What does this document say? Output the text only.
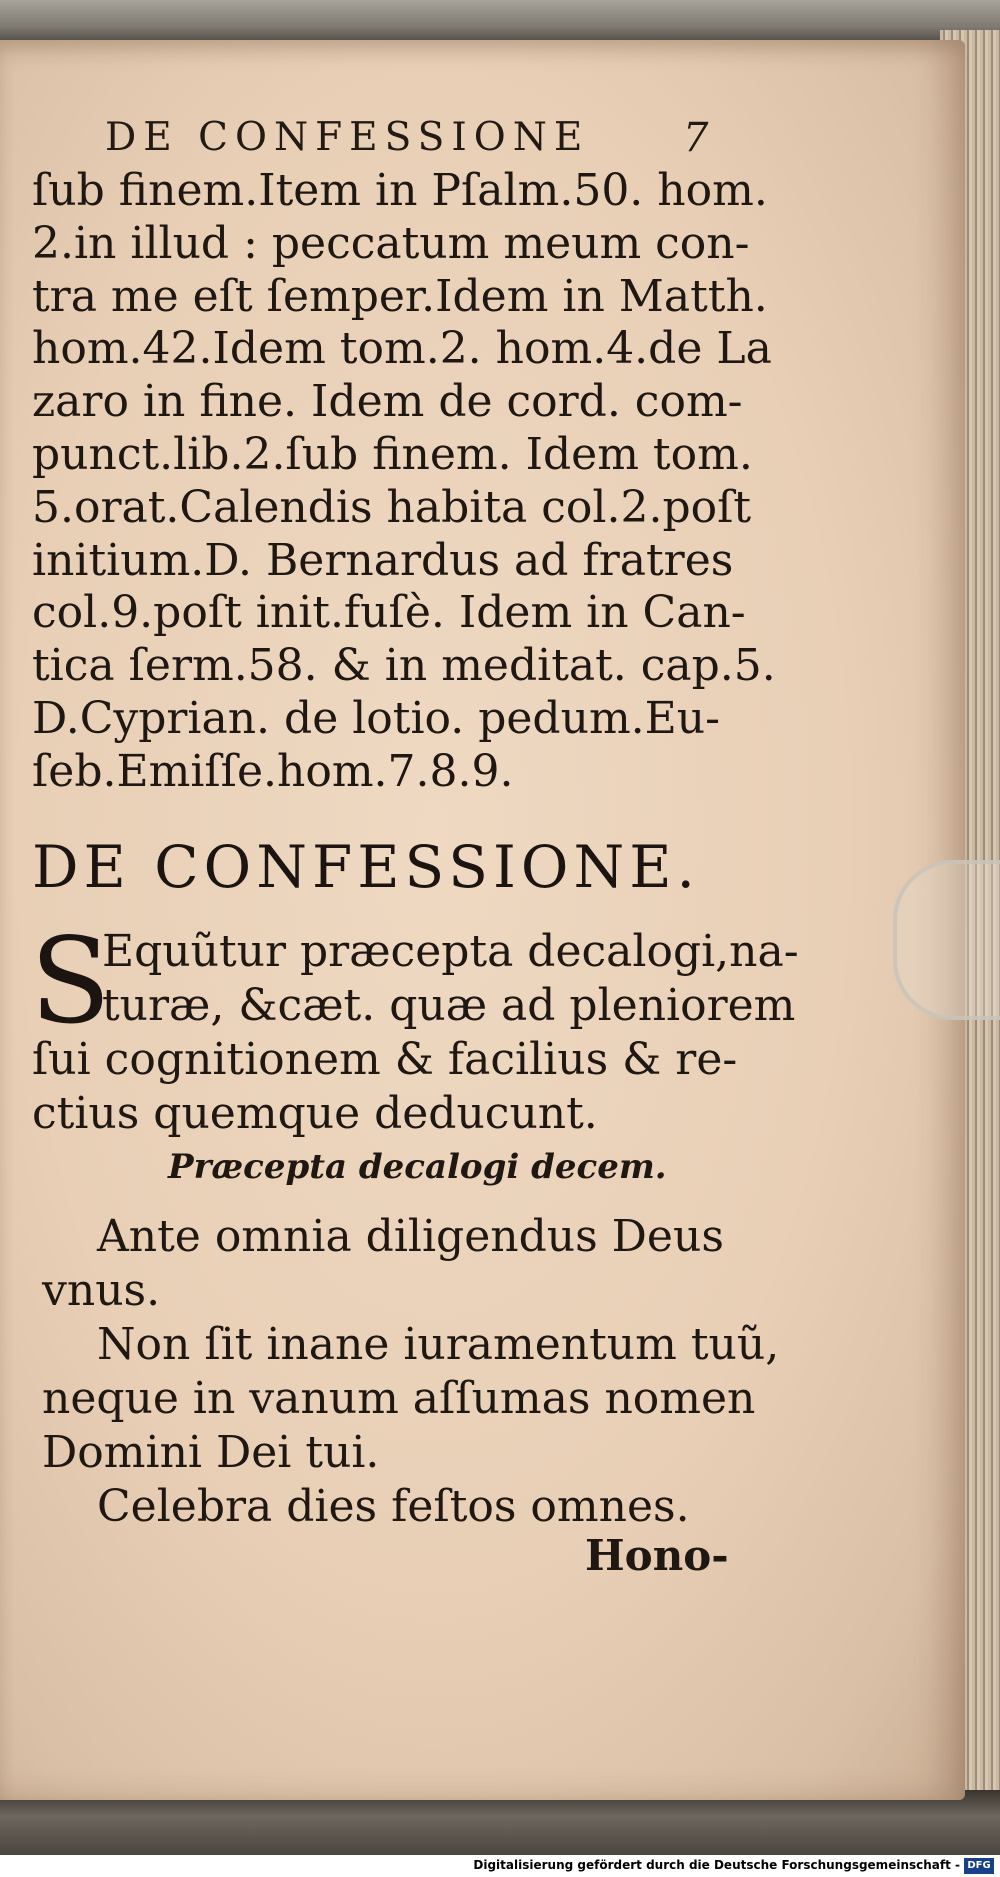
DE CONFESSIONE 7
ſub finem.Item in Pſalm.50. hom.
2.in illud : peccatum meum con-
tra me eſt ſemper.Idem in Matth.
hom.42.Idem tom.2. hom.4.de La
zaro in fine. Idem de cord. com-
punct.lib.2.ſub finem. Idem tom.
5.orat.Calendis habita col.2.poſt
initium.D. Bernardus ad fratres
col.9.poſt init.fuſè. Idem in Can-
tica ſerm.58. & in meditat. cap.5.
D.Cyprian. de lotio. pedum.Eu-
ſeb.Emiſſe.hom.7.8.9.
DE CONFESSIONE.
S
Equũtur præcepta decalogi,na-
turæ, &cæt. quæ ad pleniorem
ſui cognitionem & facilius & re-
ctius quemque deducunt.
Præcepta decalogi decem.
Ante omnia diligendus Deus
vnus.
Non ſit inane iuramentum tuũ,
neque in vanum aſſumas nomen
Domini Dei tui.
Celebra dies feſtos omnes.
Hono-
Digitalisierung gefördert durch die Deutsche Forschungsgemeinschaft - DFG
